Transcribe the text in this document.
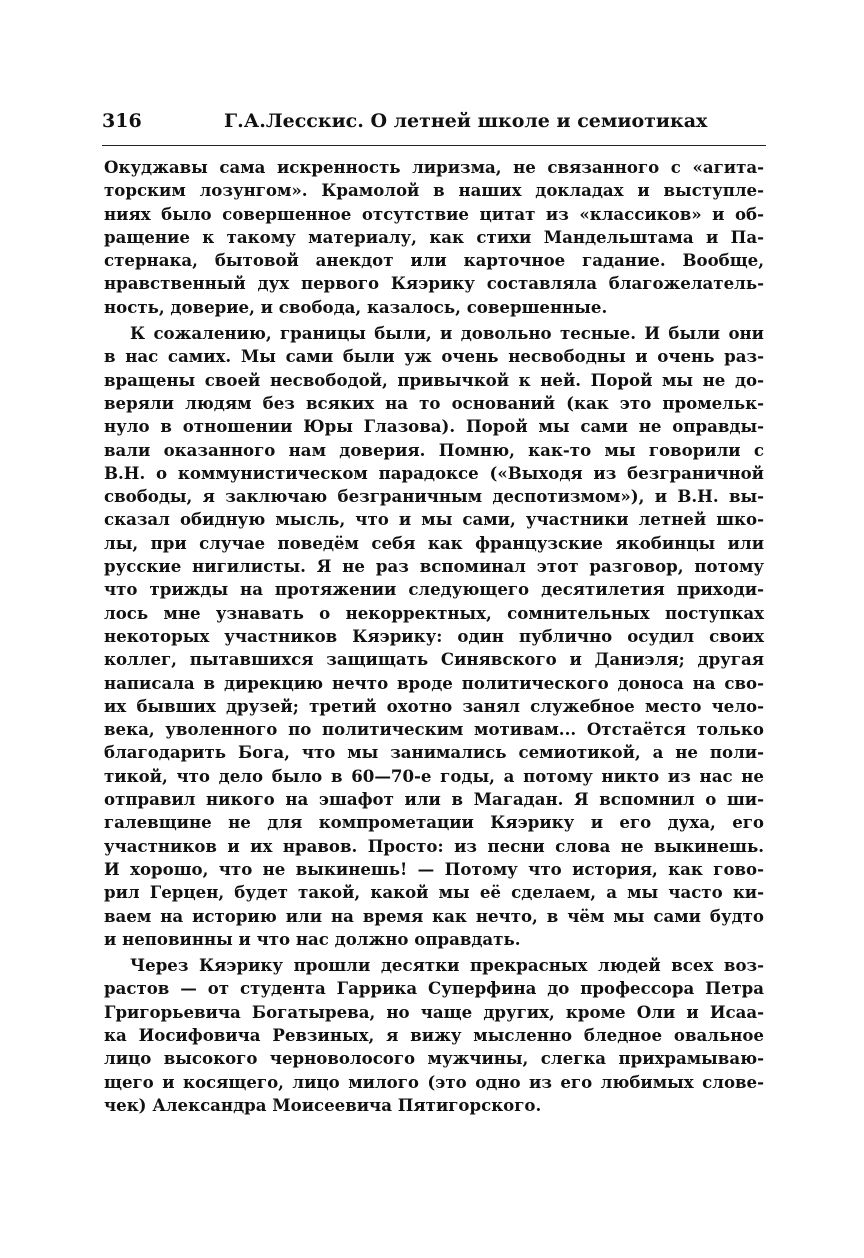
316	Г.А.Лесскис. О летней школе и семиотиках
Окуджавы сама искренность лиризма, не связанного с «агита-
торским лозунгом». Крамолой в наших докладах и выступле-
ниях было совершенное отсутствие цитат из «классиков» и об-
ращение к такому материалу, как стихи Мандельштама и Па-
стернака, бытовой анекдот или карточное гадание. Вообще,
нравственный дух первого Кяэрику составляла благожелатель-
ность, доверие, и свобода, казалось, совершенные.
К сожалению, границы были, и довольно тесные. И были они
в нас самих. Мы сами были уж очень несвободны и очень раз-
вращены своей несвободой, привычкой к ней. Порой мы не до-
веряли людям без всяких на то оснований (как это промельк-
нуло в отношении Юры Глазова). Порой мы сами не оправды-
вали оказанного нам доверия. Помню, как-то мы говорили с
В.Н. о коммунистическом парадоксе («Выходя из безграничной
свободы, я заключаю безграничным деспотизмом»), и В.Н. вы-
сказал обидную мысль, что и мы сами, участники летней шко-
лы, при случае поведём себя как французские якобинцы или
русские нигилисты. Я не раз вспоминал этот разговор, потому
что трижды на протяжении следующего десятилетия приходи-
лось мне узнавать о некорректных, сомнительных поступках
некоторых участников Кяэрику: один публично осудил своих
коллег, пытавшихся защищать Синявского и Даниэля; другая
написала в дирекцию нечто вроде политического доноса на сво-
их бывших друзей; третий охотно занял служебное место чело-
века, уволенного по политическим мотивам... Отстаётся только
благодарить Бога, что мы занимались семиотикой, а не поли-
тикой, что дело было в 60—70-е годы, а потому никто из нас не
отправил никого на эшафот или в Магадан. Я вспомнил о ши-
галевщине не для компрометации Кяэрику и его духа, его
участников и их нравов. Просто: из песни слова не выкинешь.
И хорошо, что не выкинешь! — Потому что история, как гово-
рил Герцен, будет такой, какой мы её сделаем, а мы часто ки-
ваем на историю или на время как нечто, в чём мы сами будто
и неповинны и что нас должно оправдать.
Через Кяэрику прошли десятки прекрасных людей всех воз-
растов — от студента Гаррика Суперфина до профессора Петра
Григорьевича Богатырева, но чаще других, кроме Оли и Исаа-
ка Иосифовича Ревзиных, я вижу мысленно бледное овальное
лицо высокого черноволосого мужчины, слегка прихрамываю-
щего и косящего, лицо милого (это одно из его любимых слове-
чек) Александра Моисеевича Пятигорского.
